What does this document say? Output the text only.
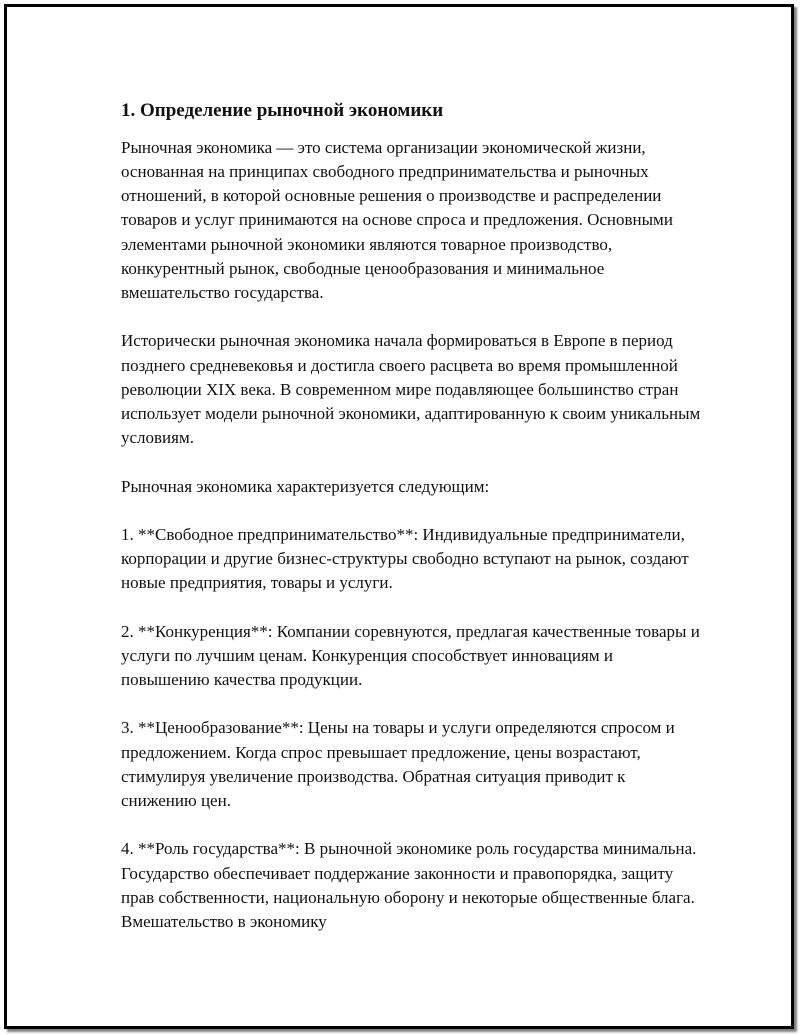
1. Определение рыночной экономики

Рыночная экономика — это система организации экономической жизни, основанная на принципах свободного предпринимательства и рыночных отношений, в которой основные решения о производстве и распределении товаров и услуг принимаются на основе спроса и предложения. Основными элементами рыночной экономики являются товарное производство, конкурентный рынок, свободные ценообразования и минимальное вмешательство государства.

Исторически рыночная экономика начала формироваться в Европе в период позднего средневековья и достигла своего расцвета во время промышленной революции XIX века. В современном мире подавляющее большинство стран использует модели рыночной экономики, адаптированную к своим уникальным условиям.

Рыночная экономика характеризуется следующим:

1. **Свободное предпринимательство**: Индивидуальные предприниматели, корпорации и другие бизнес-структуры свободно вступают на рынок, создают новые предприятия, товары и услуги.

2. **Конкуренция**: Компании соревнуются, предлагая качественные товары и услуги по лучшим ценам. Конкуренция способствует инновациям и повышению качества продукции.

3. **Ценообразование**: Цены на товары и услуги определяются спросом и предложением. Когда спрос превышает предложение, цены возрастают, стимулируя увеличение производства. Обратная ситуация приводит к снижению цен.

4. **Роль государства**: В рыночной экономике роль государства минимальна. Государство обеспечивает поддержание законности и правопорядка, защиту прав собственности, национальную оборону и некоторые общественные блага. Вмешательство в экономику
